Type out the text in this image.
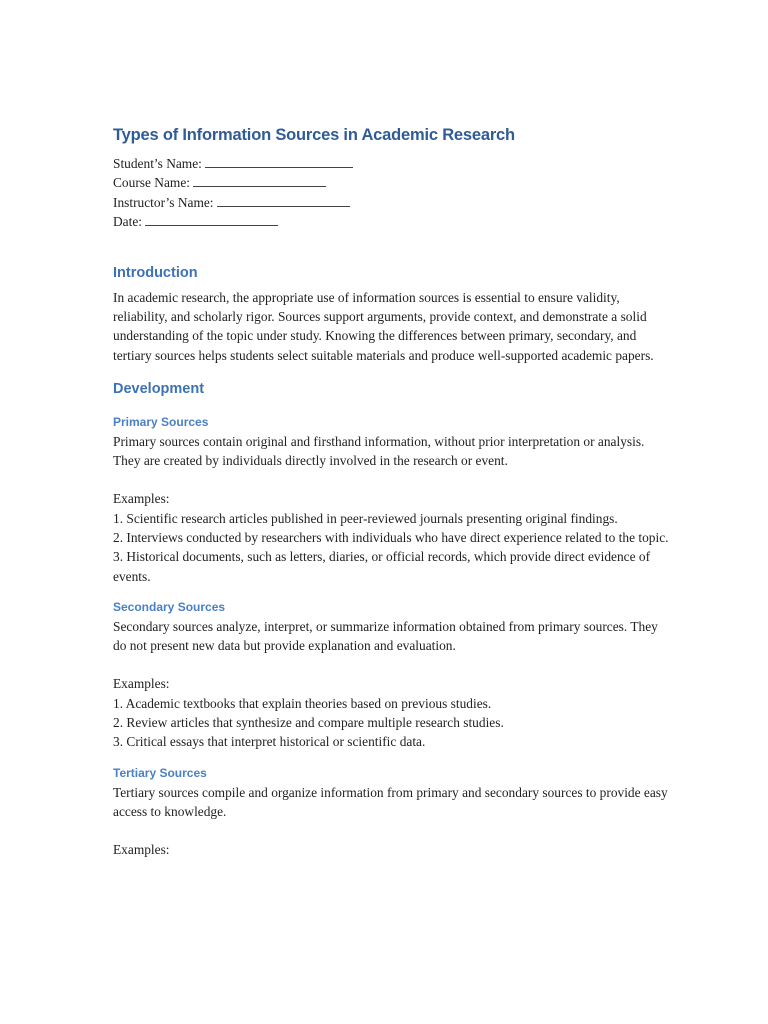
Types of Information Sources in Academic Research

Student’s Name:

Course Name:

Instructor’s Name:

Date:

Introduction

In academic research, the appropriate use of information sources is essential to ensure validity, reliability, and scholarly rigor. Sources support arguments, provide context, and demonstrate a solid understanding of the topic under study. Knowing the differences between primary, secondary, and tertiary sources helps students select suitable materials and produce well-supported academic papers.

Development
Primary Sources

Primary sources contain original and firsthand information, without prior interpretation or analysis. They are created by individuals directly involved in the research or event.

Examples:

1. Scientific research articles published in peer-reviewed journals presenting original findings.
2. Interviews conducted by researchers with individuals who have direct experience related to the topic.
3. Historical documents, such as letters, diaries, or official records, which provide direct evidence of events.
Secondary Sources

Secondary sources analyze, interpret, or summarize information obtained from primary sources. They do not present new data but provide explanation and evaluation.

Examples:

1. Academic textbooks that explain theories based on previous studies.
2. Review articles that synthesize and compare multiple research studies.
3. Critical essays that interpret historical or scientific data.
Tertiary Sources

Tertiary sources compile and organize information from primary and secondary sources to provide easy access to knowledge.

Examples:
